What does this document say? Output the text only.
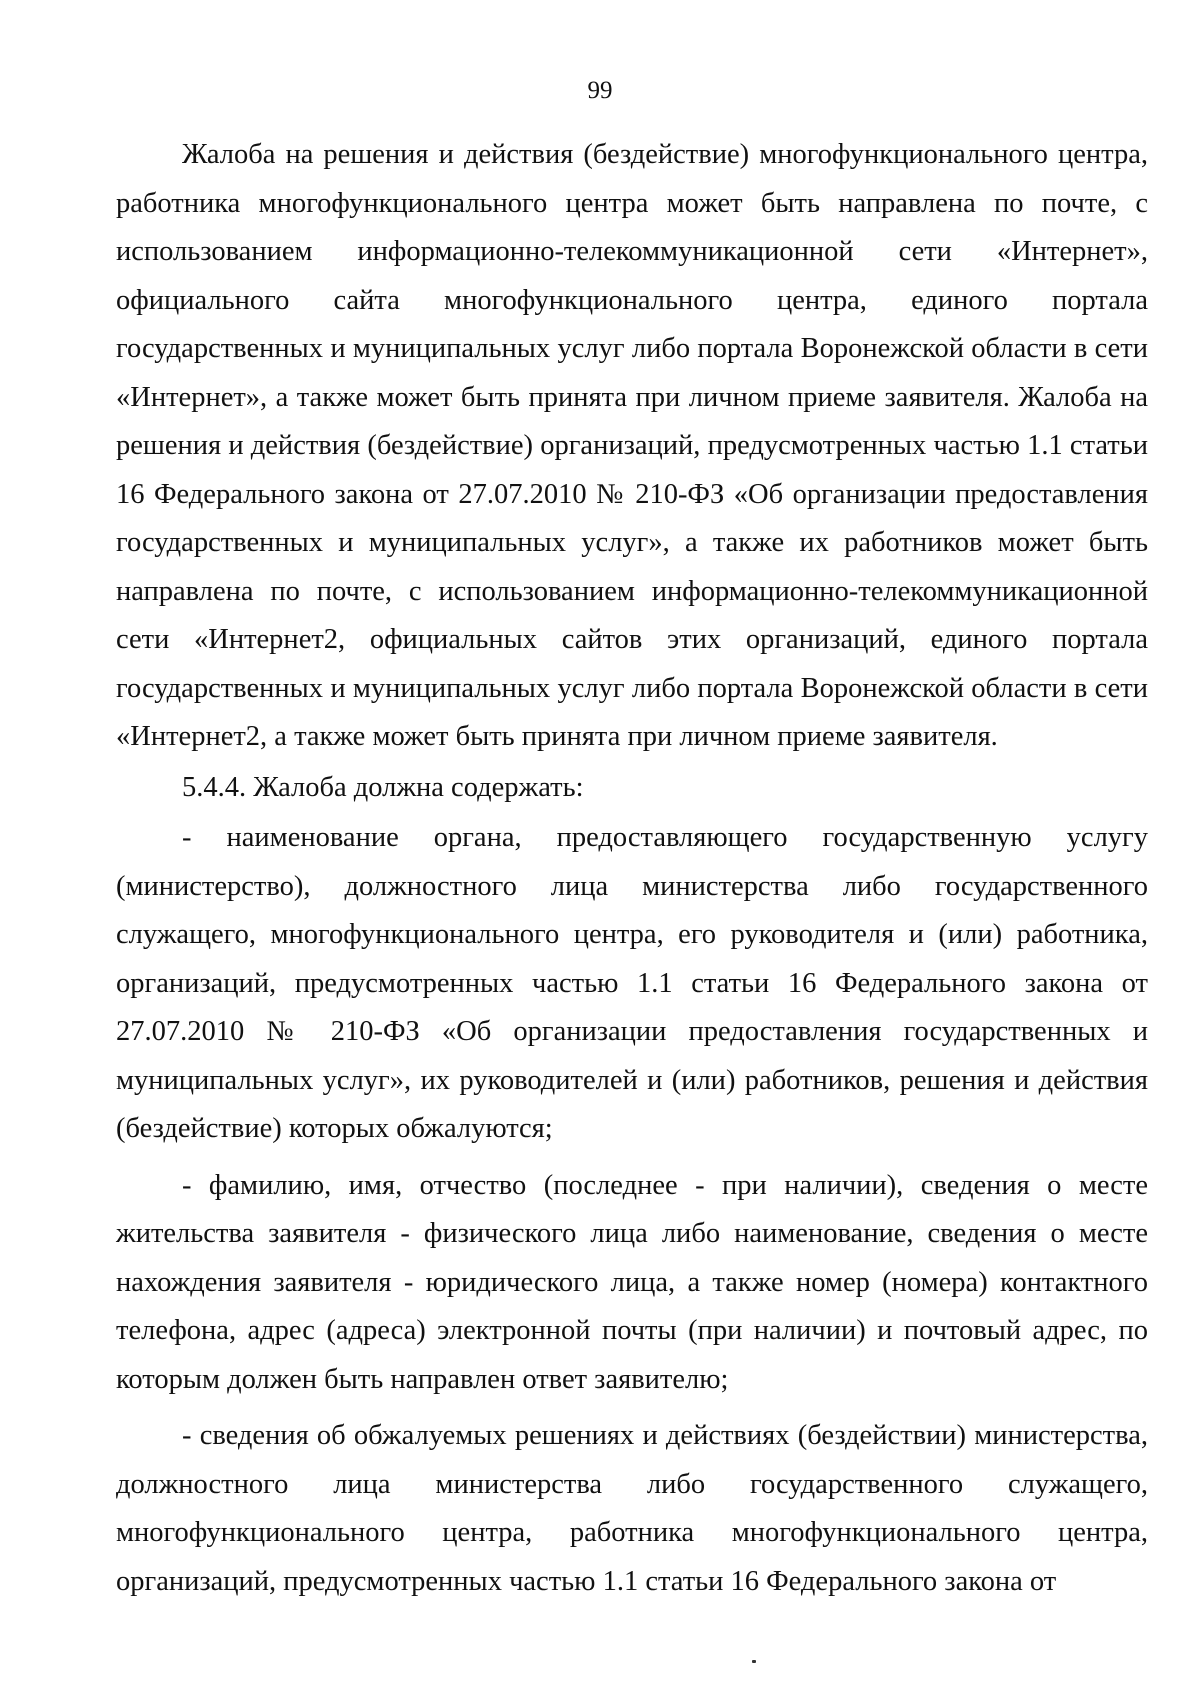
99

Жалоба на решения и действия (бездействие) многофункционального центра, работника многофункционального центра может быть направлена по почте, с использованием информационно-телекоммуникационной сети «Интернет», официального сайта многофункционального центра, единого портала государственных и муниципальных услуг либо портала Воронежской области в сети «Интернет», а также может быть принята при личном приеме заявителя. Жалоба на решения и действия (бездействие) организаций, предусмотренных частью 1.1 статьи 16 Федерального закона от 27.07.2010 № 210-ФЗ «Об организации предоставления государственных и муниципальных услуг», а также их работников может быть направлена по почте, с использованием информационно-телекоммуникационной сети «Интернет2, официальных сайтов этих организаций, единого портала государственных и муниципальных услуг либо портала Воронежской области в сети «Интернет2, а также может быть принята при личном приеме заявителя.

5.4.4. Жалоба должна содержать:

- наименование органа, предоставляющего государственную услугу (министерство), должностного лица министерства либо государственного служащего, многофункционального центра, его руководителя и (или) работника, организаций, предусмотренных частью 1.1 статьи 16 Федерального закона от 27.07.2010 № 210-ФЗ «Об организации предоставления государственных и муниципальных услуг», их руководителей и (или) работников, решения и действия (бездействие) которых обжалуются;

- фамилию, имя, отчество (последнее - при наличии), сведения о месте жительства заявителя - физического лица либо наименование, сведения о месте нахождения заявителя - юридического лица, а также номер (номера) контактного телефона, адрес (адреса) электронной почты (при наличии) и почтовый адрес, по которым должен быть направлен ответ заявителю;

- сведения об обжалуемых решениях и действиях (бездействии) министерства, должностного лица министерства либо государственного служащего, многофункционального центра, работника многофункционального центра, организаций, предусмотренных частью 1.1 статьи 16 Федерального закона от
